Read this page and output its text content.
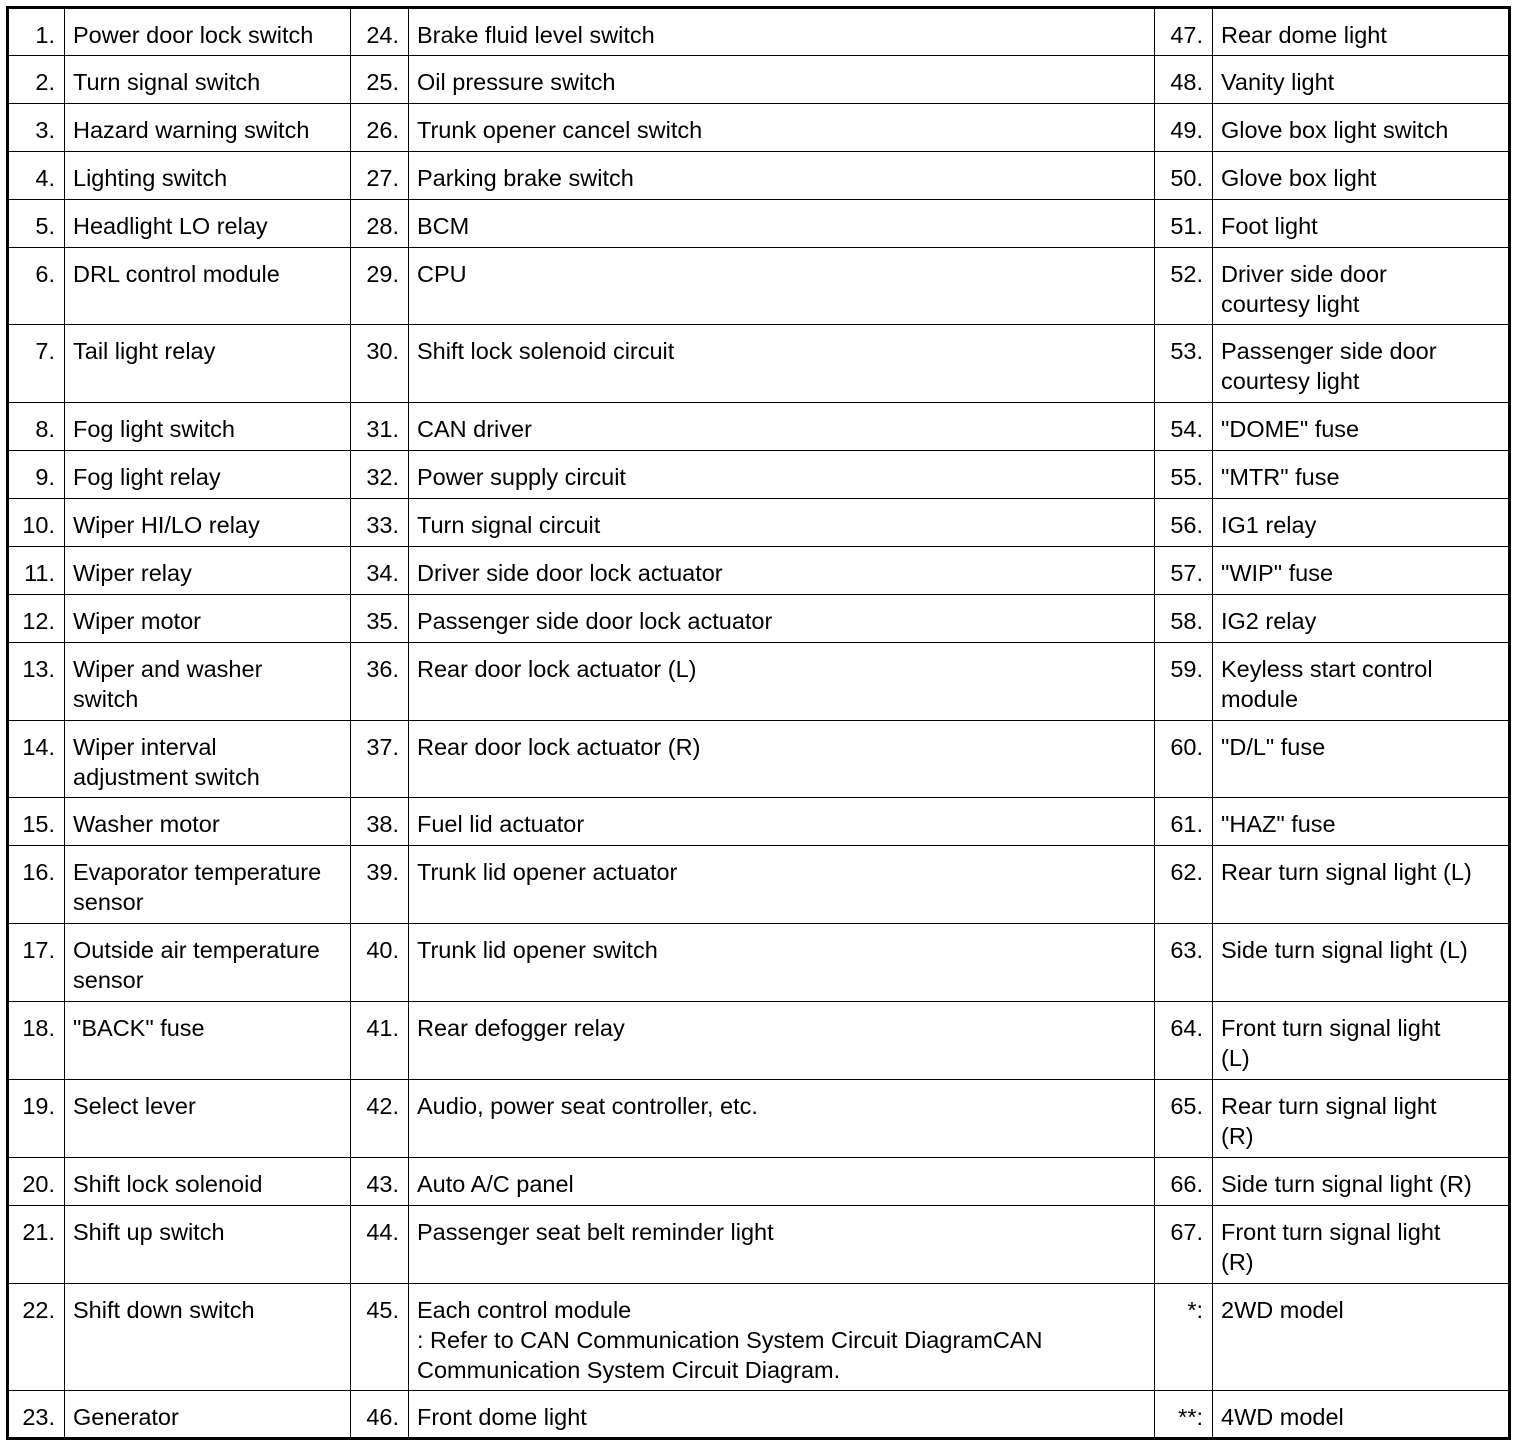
1.	Power door lock switch	24.	Brake fluid level switch	47.	Rear dome light
2.	Turn signal switch	25.	Oil pressure switch	48.	Vanity light
3.	Hazard warning switch	26.	Trunk opener cancel switch	49.	Glove box light switch
4.	Lighting switch	27.	Parking brake switch	50.	Glove box light
5.	Headlight LO relay	28.	BCM	51.	Foot light
6.	DRL control module	29.	CPU	52.	Driver side door
courtesy light
7.	Tail light relay	30.	Shift lock solenoid circuit	53.	Passenger side door
courtesy light
8.	Fog light switch	31.	CAN driver	54.	"DOME" fuse
9.	Fog light relay	32.	Power supply circuit	55.	"MTR" fuse
10.	Wiper HI/LO relay	33.	Turn signal circuit	56.	IG1 relay
11.	Wiper relay	34.	Driver side door lock actuator	57.	"WIP" fuse
12.	Wiper motor	35.	Passenger side door lock actuator	58.	IG2 relay
13.	Wiper and washer
switch	36.	Rear door lock actuator (L)	59.	Keyless start control
module
14.	Wiper interval
adjustment switch	37.	Rear door lock actuator (R)	60.	"D/L" fuse
15.	Washer motor	38.	Fuel lid actuator	61.	"HAZ" fuse
16.	Evaporator temperature
sensor	39.	Trunk lid opener actuator	62.	Rear turn signal light (L)
17.	Outside air temperature
sensor	40.	Trunk lid opener switch	63.	Side turn signal light (L)
18.	"BACK" fuse	41.	Rear defogger relay	64.	Front turn signal light
(L)
19.	Select lever	42.	Audio, power seat controller, etc.	65.	Rear turn signal light
(R)
20.	Shift lock solenoid	43.	Auto A/C panel	66.	Side turn signal light (R)
21.	Shift up switch	44.	Passenger seat belt reminder light	67.	Front turn signal light
(R)
22.	Shift down switch	45.	Each control module
: Refer to CAN Communication System Circuit DiagramCAN
Communication System Circuit Diagram.	*:	2WD model
23.	Generator	46.	Front dome light	**:	4WD model
